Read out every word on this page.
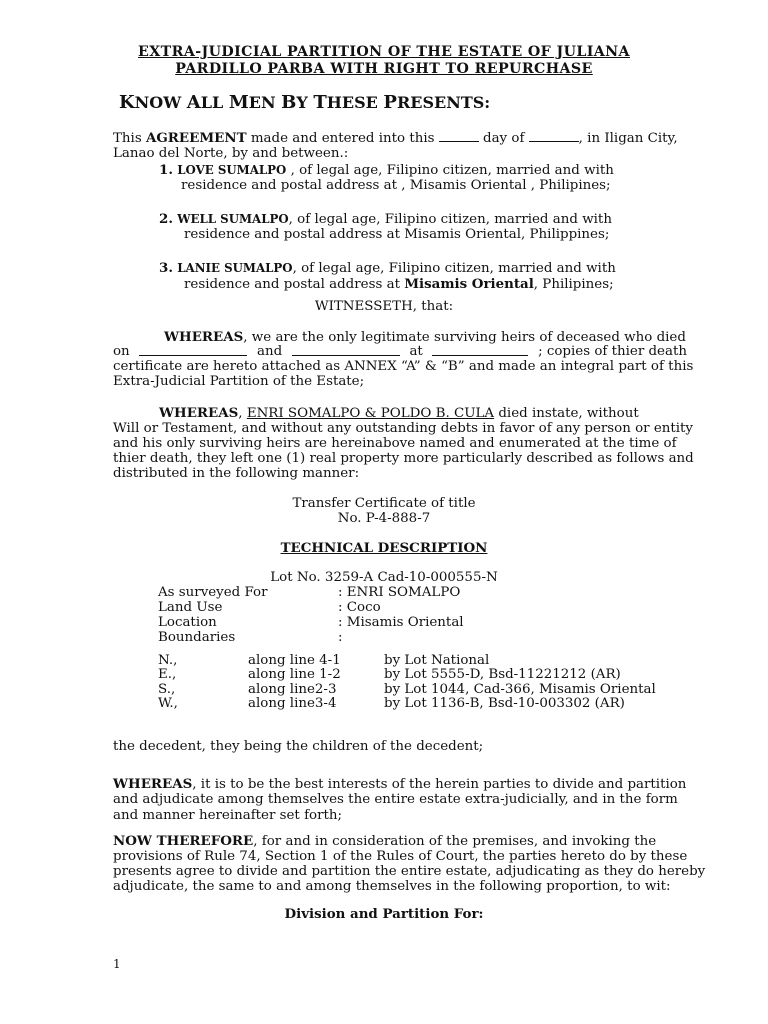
EXTRA-JUDICIAL PARTITION OF THE ESTATE OF JULIANA
PARDILLO PARBA WITH RIGHT TO REPURCHASE
KNOW ALL MEN BY THESE PRESENTS:
This AGREEMENT made and entered into this	day of	, in Iligan City,
Lanao del Norte, by and between.:
1. LOVE SUMALPO , of legal age, Filipino citizen, married and with
residence and postal address at , Misamis Oriental , Philipines;
2. WELL SUMALPO, of legal age, Filipino citizen, married and with
residence and postal address at Misamis Oriental, Philippines;
3. LANIE SUMALPO, of legal age, Filipino citizen, married and with
residence and postal address at Misamis Oriental, Philipines;
WITNESSETH, that:
WHEREAS, we are the only legitimate surviving heirs of deceased who died
on	and	at	; copies of thier death
certificate are hereto attached as ANNEX “A” & “B” and made an integral part of this
Extra-Judicial Partition of the Estate;
WHEREAS, ENRI SOMALPO & POLDO B. CULA died instate, without
Will or Testament, and without any outstanding debts in favor of any person or entity
and his only surviving heirs are hereinabove named and enumerated at the time of
thier death, they left one (1) real property more particularly described as follows and
distributed in the following manner:
Transfer Certificate of title
No. P-4-888-7
TECHNICAL DESCRIPTION
Lot No. 3259-A Cad-10-000555-N
As surveyed For	: ENRI SOMALPO
Land Use	: Coco
Location	: Misamis Oriental
Boundaries	:
N.,	along line 4-1	by Lot National
E.,	along line 1-2	by Lot 5555-D, Bsd-11221212 (AR)
S.,	along line2-3	by Lot 1044, Cad-366, Misamis Oriental
W.,	along line3-4	by Lot 1136-B, Bsd-10-003302 (AR)
the decedent, they being the children of the decedent;
WHEREAS, it is to be the best interests of the herein parties to divide and partition
and adjudicate among themselves the entire estate extra-judicially, and in the form
and manner hereinafter set forth;
NOW THEREFORE, for and in consideration of the premises, and invoking the
provisions of Rule 74, Section 1 of the Rules of Court, the parties hereto do by these
presents agree to divide and partition the entire estate, adjudicating as they do hereby
adjudicate, the same to and among themselves in the following proportion, to wit:
Division and Partition For:
1
